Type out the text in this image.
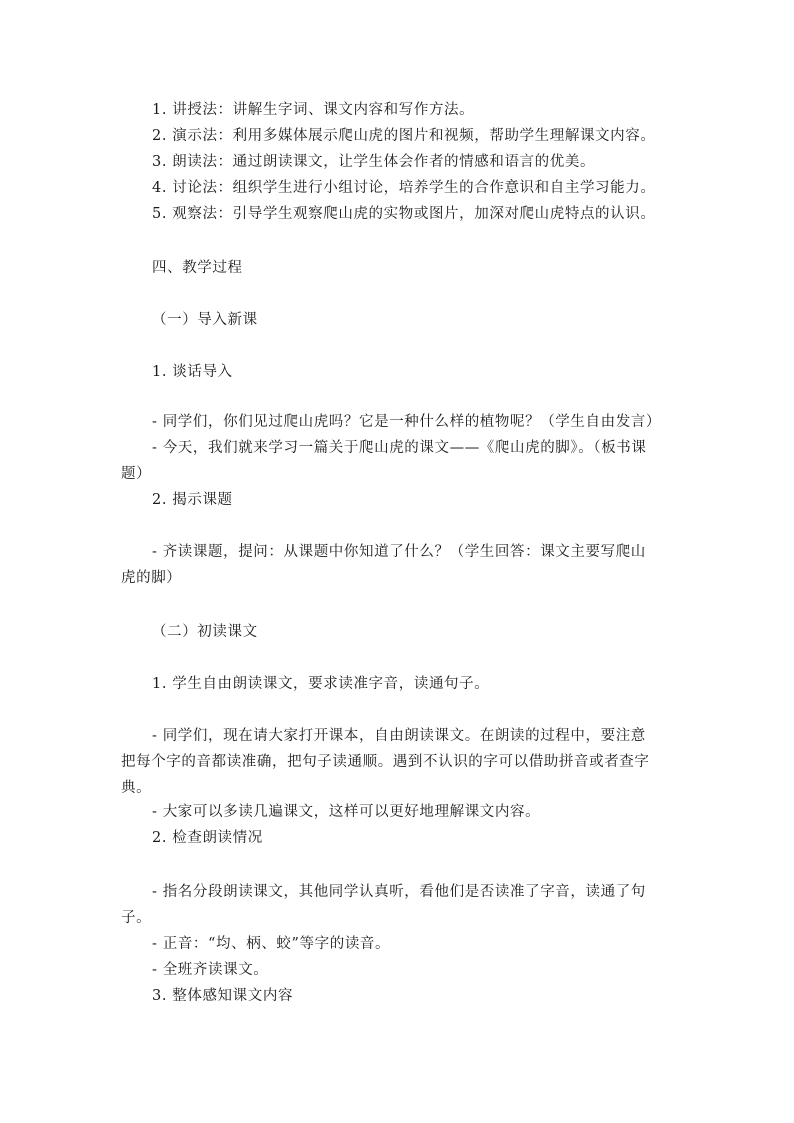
1. 讲授法：讲解生字词、课文内容和写作方法。
2. 演示法：利用多媒体展示爬山虎的图片和视频，帮助学生理解课文内容。
3. 朗读法：通过朗读课文，让学生体会作者的情感和语言的优美。
4. 讨论法：组织学生进行小组讨论，培养学生的合作意识和自主学习能力。
5. 观察法：引导学生观察爬山虎的实物或图片，加深对爬山虎特点的认识。
四、教学过程
（一）导入新课
1. 谈话导入
- 同学们，你们见过爬山虎吗？它是一种什么样的植物呢？（学生自由发言）
- 今天，我们就来学习一篇关于爬山虎的课文——《爬山虎的脚》。（板书课
题）
2. 揭示课题
- 齐读课题，提问：从课题中你知道了什么？（学生回答：课文主要写爬山
虎的脚）
（二）初读课文
1. 学生自由朗读课文，要求读准字音，读通句子。
- 同学们，现在请大家打开课本，自由朗读课文。在朗读的过程中，要注意
把每个字的音都读准确，把句子读通顺。遇到不认识的字可以借助拼音或者查字
典。
- 大家可以多读几遍课文，这样可以更好地理解课文内容。
2. 检查朗读情况
- 指名分段朗读课文，其他同学认真听，看他们是否读准了字音，读通了句
子。
- 正音：“均、柄、蛟”等字的读音。
- 全班齐读课文。
3. 整体感知课文内容
